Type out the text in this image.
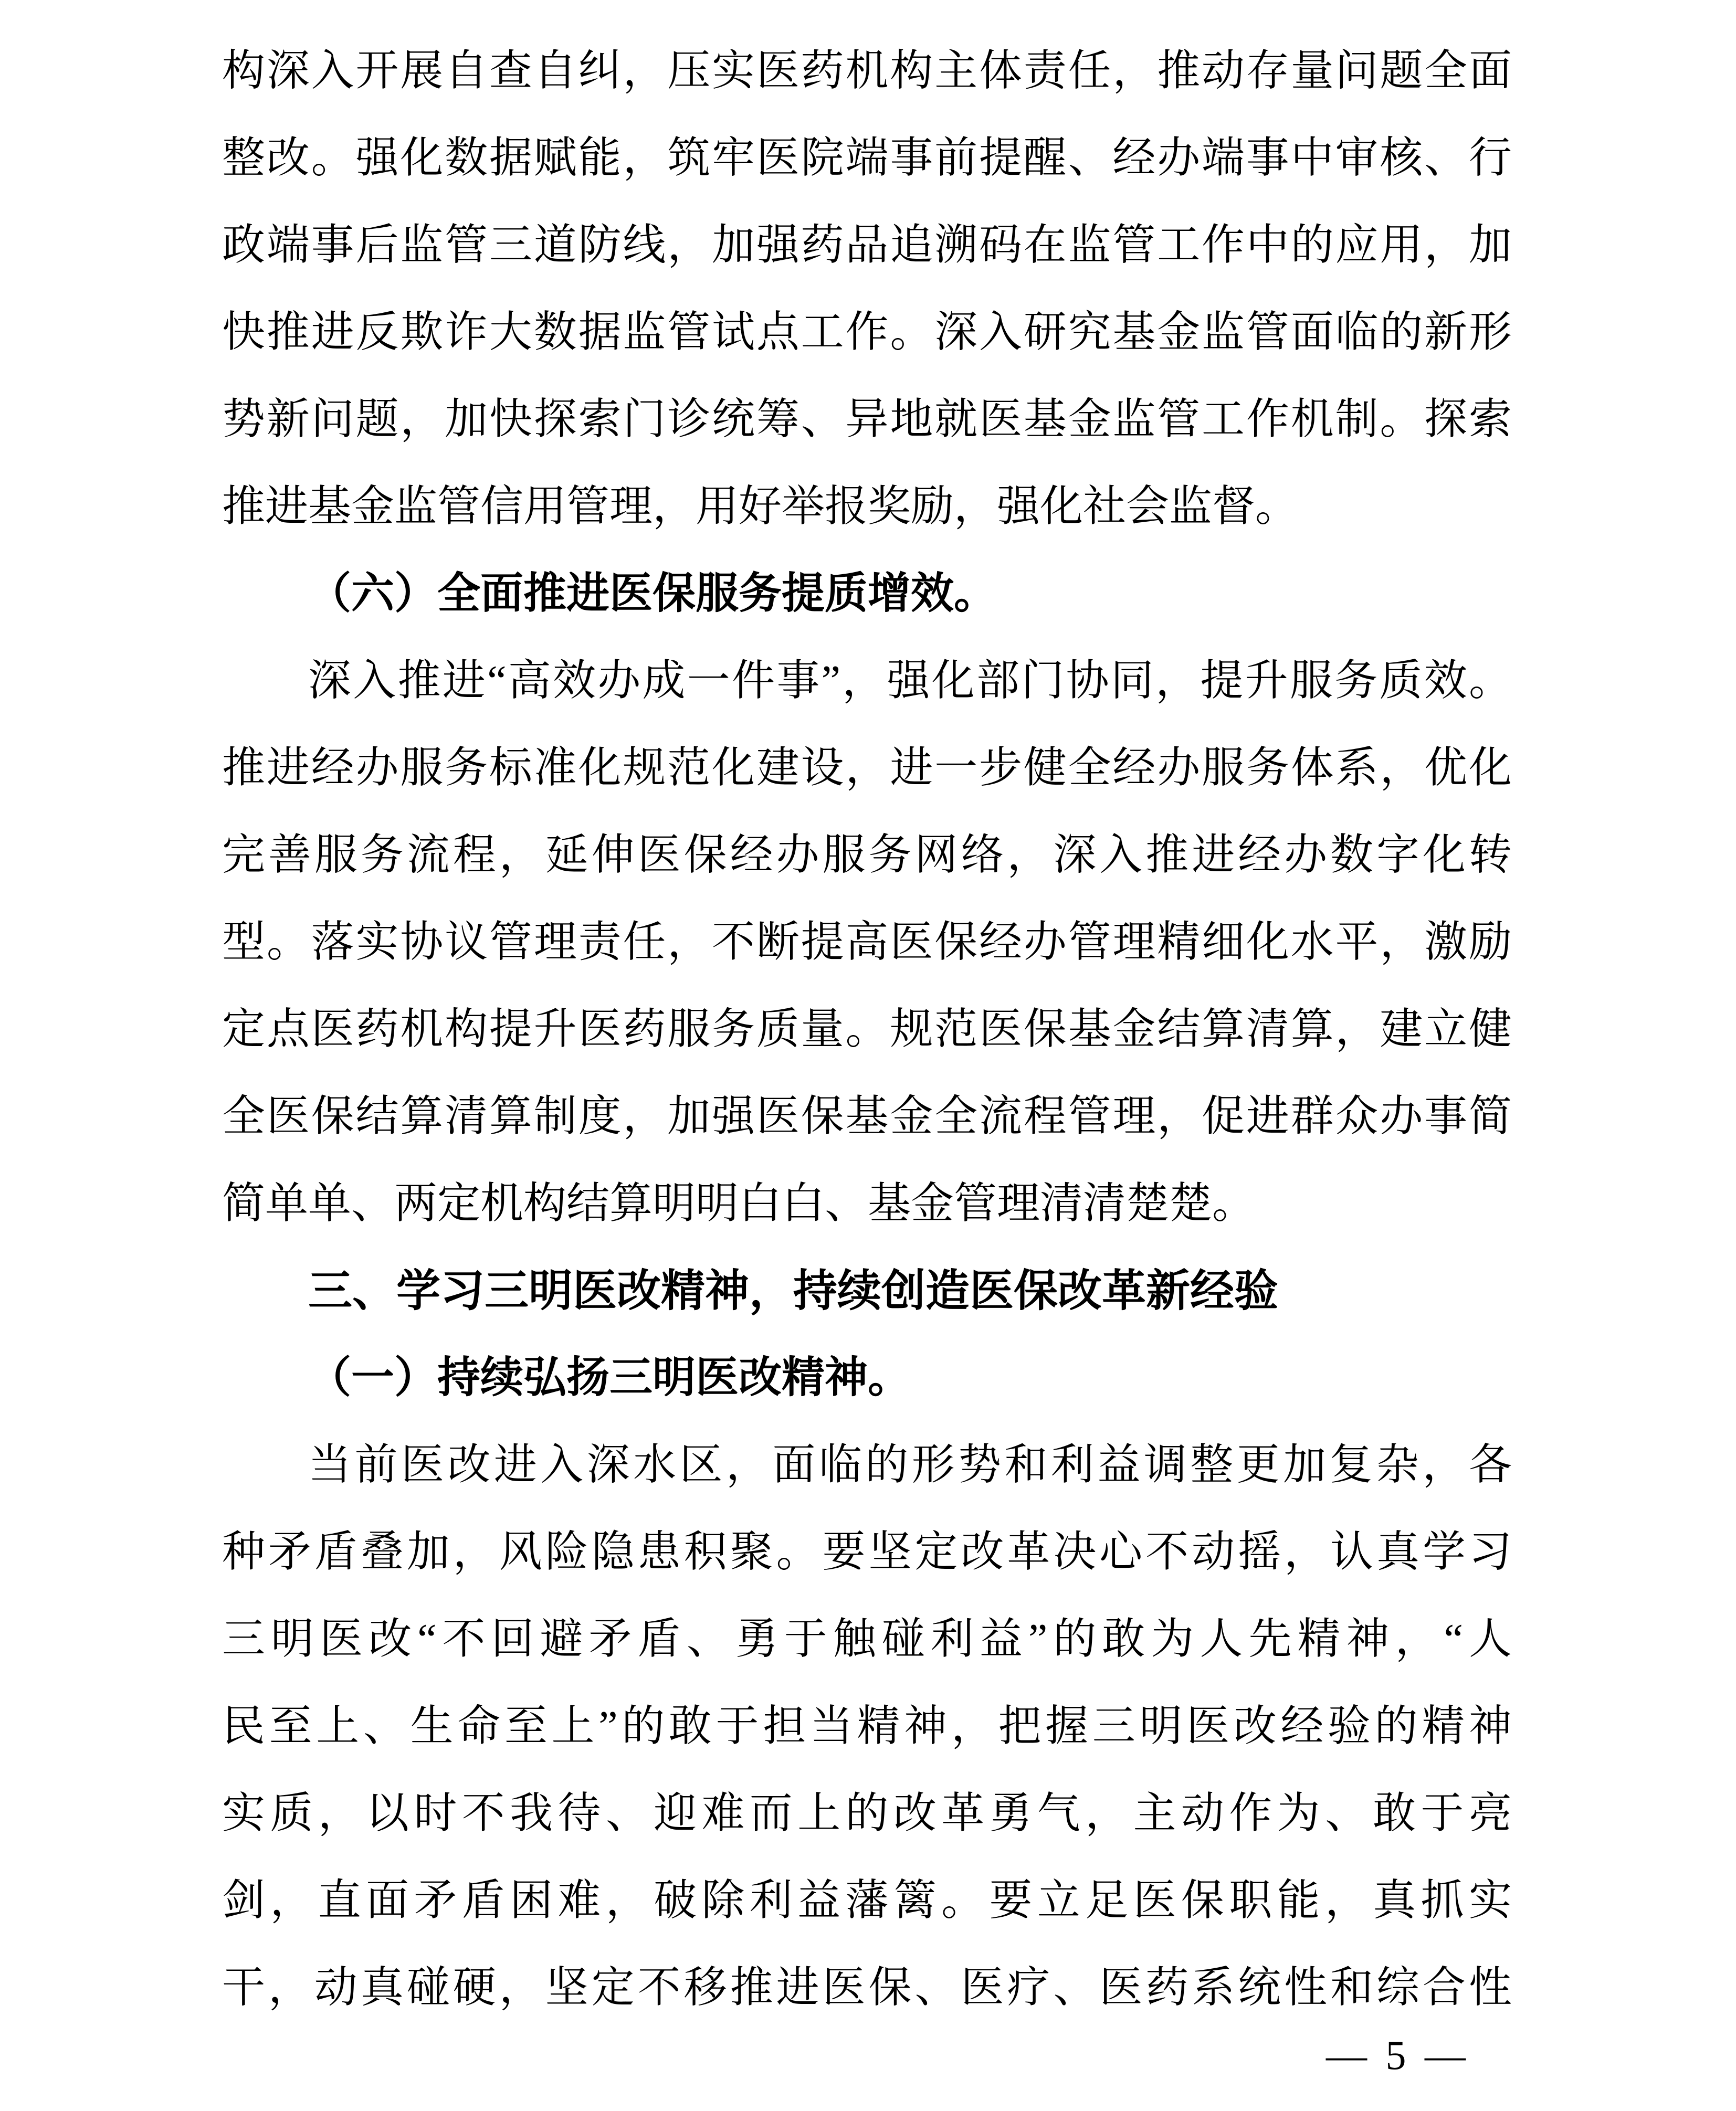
构深入开展自查自纠，压实医药机构主体责任，推动存量问题全面
整改。强化数据赋能，筑牢医院端事前提醒、经办端事中审核、行
政端事后监管三道防线，加强药品追溯码在监管工作中的应用，加
快推进反欺诈大数据监管试点工作。深入研究基金监管面临的新形
势新问题，加快探索门诊统筹、异地就医基金监管工作机制。探索
推进基金监管信用管理，用好举报奖励，强化社会监督。
（六）全面推进医保服务提质增效。
深入推进“高效办成一件事”，强化部门协同，提升服务质效。
推进经办服务标准化规范化建设，进一步健全经办服务体系，优化
完善服务流程，延伸医保经办服务网络，深入推进经办数字化转
型。落实协议管理责任，不断提高医保经办管理精细化水平，激励
定点医药机构提升医药服务质量。规范医保基金结算清算，建立健
全医保结算清算制度，加强医保基金全流程管理，促进群众办事简
简单单、两定机构结算明明白白、基金管理清清楚楚。
三、学习三明医改精神，持续创造医保改革新经验
（一）持续弘扬三明医改精神。
当前医改进入深水区，面临的形势和利益调整更加复杂，各
种矛盾叠加，风险隐患积聚。要坚定改革决心不动摇，认真学习
三明医改“不回避矛盾、勇于触碰利益”的敢为人先精神，“人
民至上、生命至上”的敢于担当精神，把握三明医改经验的精神
实质，以时不我待、迎难而上的改革勇气，主动作为、敢于亮
剑，直面矛盾困难，破除利益藩篱。要立足医保职能，真抓实
干，动真碰硬，坚定不移推进医保、医疗、医药系统性和综合性
— 5 —
